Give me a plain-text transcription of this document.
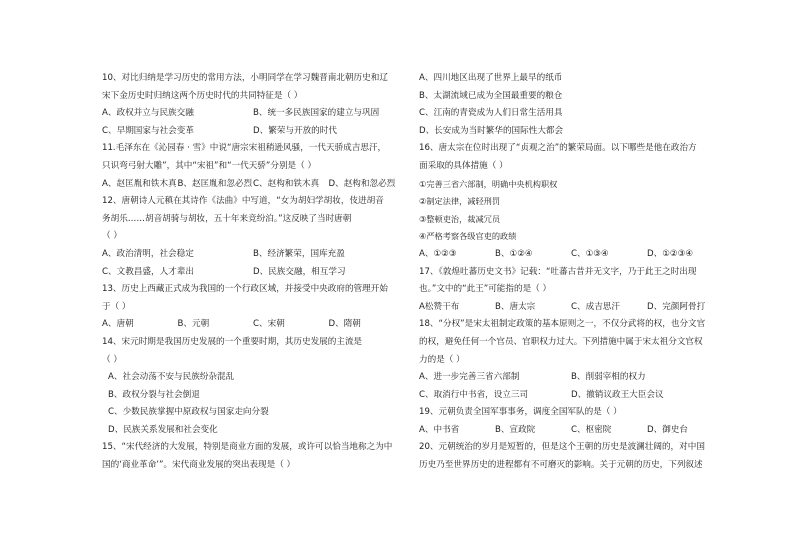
10、对比归纳是学习历史的常用方法，小明同学在学习魏晋南北朝历史和辽
宋下金历史时归纳这两个历史时代的共同特征是（ ）
A、政权并立与民族交融	B、统一多民族国家的建立与巩固
C、早期国家与社会变革	D、繁荣与开放的时代
11.毛泽东在《沁园春 · 雪》中说“唐宗宋祖稍逊风骚，一代天骄成吉思汗，
只识弯弓射大雕”，其中“宋祖”和“一代天骄”分别是（ ）
A、赵匡胤和铁木真 B、赵匡胤和忽必烈 C、赵构和铁木真	D、赵构和忽必烈
12、唐朝诗人元稹在其诗作《法曲》中写道，“女为胡妇学胡妆，伎进胡音
务胡乐……胡音胡骑与胡妆，五十年来竞纷泊。”这反映了当时唐朝
（ ）
A、政治清明，社会稳定	B、经济繁荣，国库充盈
C、文教昌盛，人才辈出	D、民族交融，相互学习
13、历史上西藏正式成为我国的一个行政区域，并接受中央政府的管理开始
于（ ）
A、唐朝	B、元朝	C、宋朝	D、隋朝
14、宋元时期是我国历史发展的一个重要时期，其历史发展的主流是
（ ）
A、社会动荡不安与民族纷杂混乱
B、政权分裂与社会倒退
C、少数民族掌握中原政权与国家走向分裂
D、民族关系发展和社会变化
15、“宋代经济的大发展，特别是商业方面的发展，或许可以恰当地称之为中
国的‘商业革命’”。宋代商业发展的突出表现是（ ）
A、四川地区出现了世界上最早的纸币
B、太湖流域已成为全国最重要的粮仓
C、江南的青瓷成为人们日常生活用具
D、长安成为当时繁华的国际性大都会
16、唐太宗在位时出现了“贞观之治”的繁荣局面。以下哪些是他在政治方
面采取的具体措施（ ）
①完善三省六部制，明确中央机构职权
②制定法律，减轻刑罚
③整顿吏治，裁减冗员
④严格考察各级官吏的政绩
A、①②③	B、①②④	C、①③④	D、①②③④
17、《敦煌吐蕃历史文书》记载：“吐蕃古昔并无文字，乃于此王之时出现
也。”文中的“此王”可能指的是（ ）
A松赞干布	B、唐太宗	C、成吉思汗	D、完颜阿骨打
18、“分权”是宋太祖制定政策的基本原则之一，不仅分武将的权，也分文官
的权，避免任何一个官员、官职权力过大。下列措施中属于宋太祖分文官权
力的是（ ）
A、进一步完善三省六部制	B、削弱宰相的权力
C、取消行中书省，设立三司	D、撤销议政王大臣会议
19、元朝负责全国军事事务，调度全国军队的是（ ）
A、中书省	B、宣政院	C、枢密院	D、御史台
20、元朝统治的岁月是短暂的，但是这个王朝的历史是波澜壮阔的，对中国
历史乃至世界历史的进程都有不可磨灭的影响。关于元朝的历史，下列叙述
